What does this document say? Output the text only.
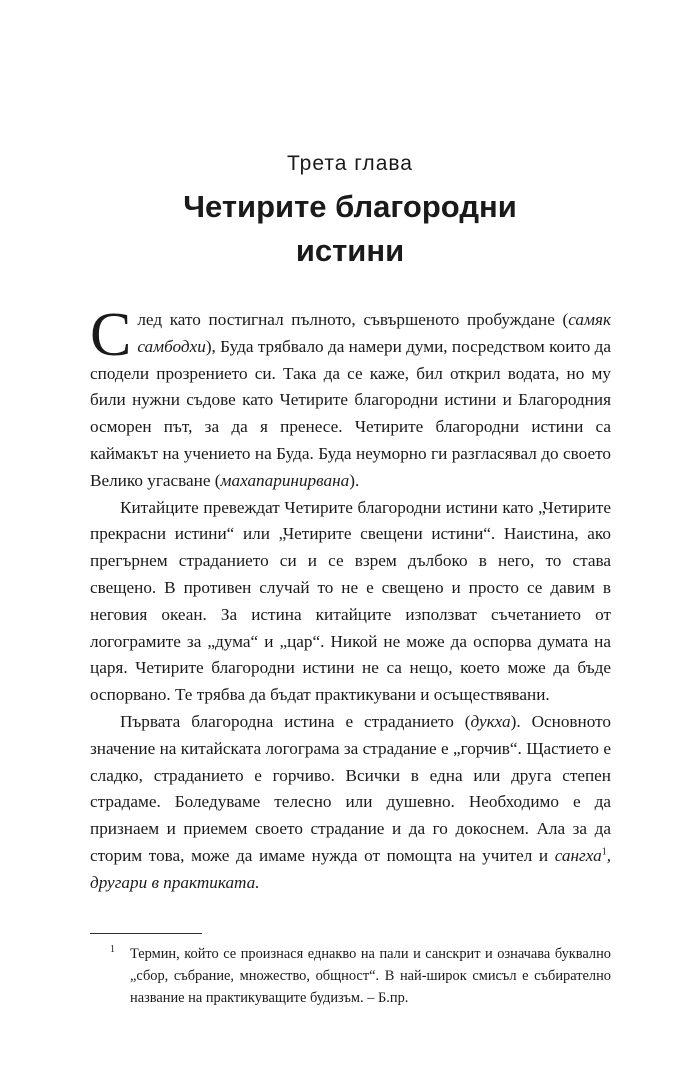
Трета глава
Четирите благородни
истини

След като постигнал пълното, съвършеното пробуждане (самяк самбодхи), Буда трябвало да намери думи, посредством които да сподели прозрението си. Така да се каже, бил открил водата, но му били нужни съдове като Четирите благородни истини и Благородния осморен път, за да я пренесе. Четирите благородни истини са каймакът на учението на Буда. Буда неуморно ги разгласявал до своето Велико угасване (махапаринирвана).

Китайците превеждат Четирите благородни истини като „Четирите прекрасни истини“ или „Четирите свещени истини“. Наистина, ако прегърнем страданието си и се взрем дълбоко в него, то става свещено. В противен случай то не е свещено и просто се давим в неговия океан. За истина китайците използват съчетанието от логограмите за „дума“ и „цар“. Никой не може да оспорва думата на царя. Четирите благородни истини не са нещо, което може да бъде оспорвано. Те трябва да бъдат практикувани и осъществявани.

Първата благородна истина е страданието (дукха). Основното значение на китайската логограма за страдание е „горчив“. Щастието е сладко, страданието е горчиво. Всички в една или друга степен страдаме. Боледуваме телесно или душевно. Необходимо е да признаем и приемем своето страдание и да го докоснем. Ала за да сторим това, може да имаме нужда от помощта на учител и сангха$^1$, другари в практиката.

1	Термин, който се произнася еднакво на пали и санскрит и означава буквално „сбор, събрание, множество, общност“. В най-широк смисъл е събирателно название на практикуващите будизъм. – Б.пр.
